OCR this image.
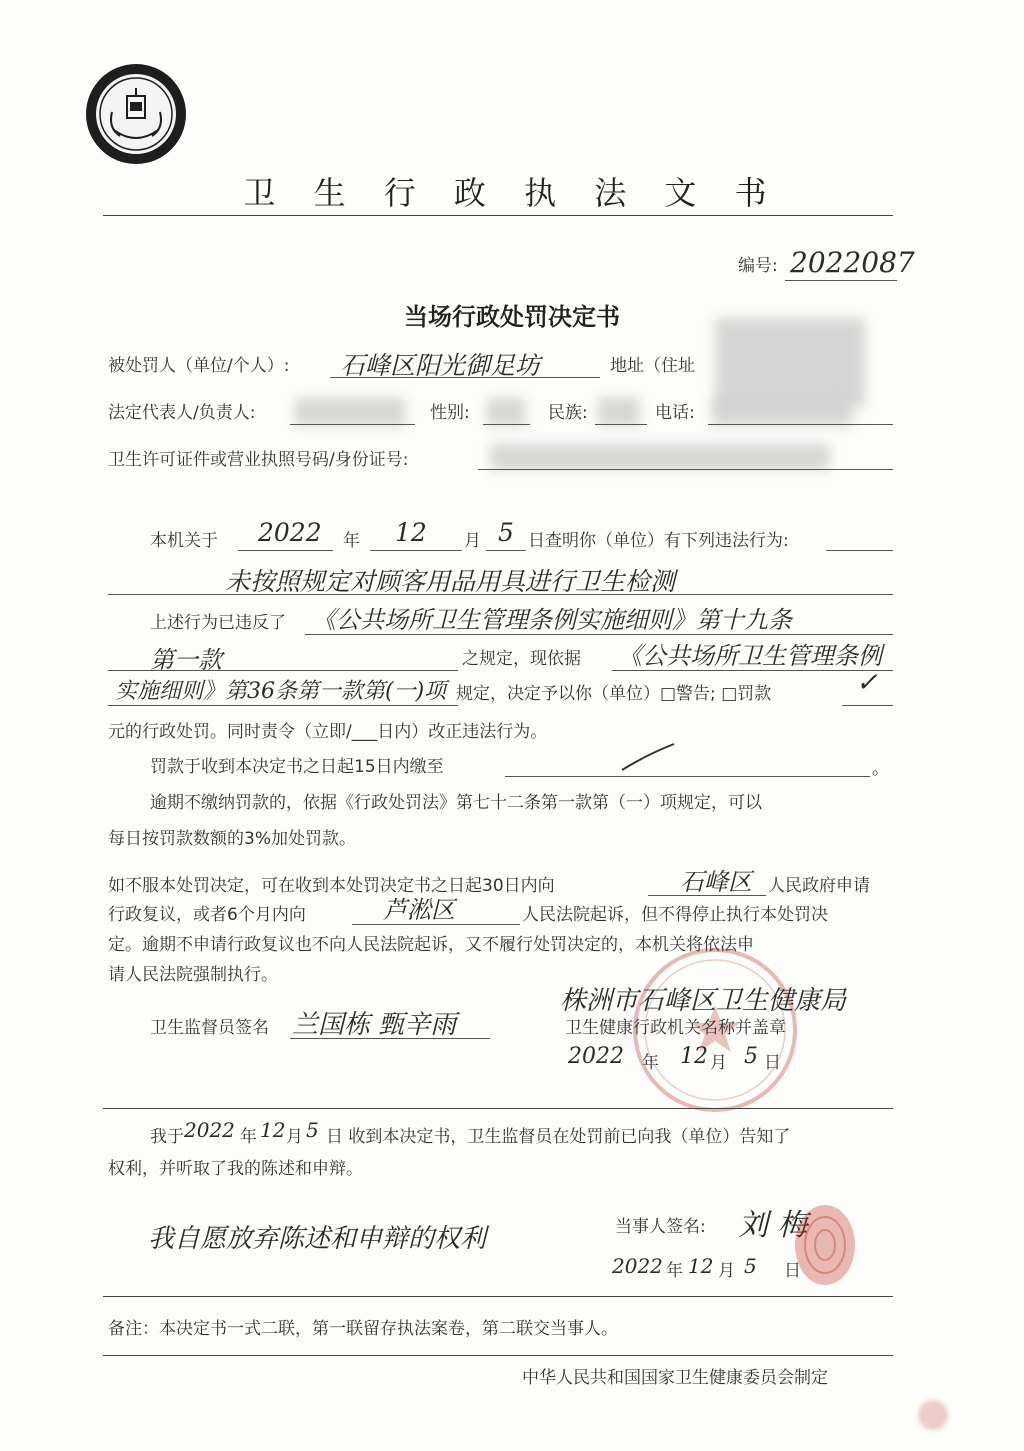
卫 生 行 政 执 法 文 书
编号: 2022087
当场行政处罚决定书
被处罚人（单位/个人）: 石峰区阳光御足坊	地址（住址
法定代表人/负责人:	性别:	民族:	电话:
卫生许可证件或营业执照号码/身份证号:
本机关于 2022 年 12 月 5 日查明你（单位）有下列违法行为:
未按照规定对顾客用品用具进行卫生检测
上述行为已违反了 《公共场所卫生管理条例实施细则》第十九条
第一款	之规定，现依据 《公共场所卫生管理条例
实施细则》第36条第一款第(一)项 规定，决定予以你（单位）□警告; □罚款	✓
元的行政处罚。同时责令（立即/___日内）改正违法行为。
罚款于收到本决定书之日起15日内缴至	。
逾期不缴纳罚款的，依据《行政处罚法》第七十二条第一款第（一）项规定，可以
每日按罚款数额的3%加处罚款。
如不服本处罚决定，可在收到本处罚决定书之日起30日内向	石峰区 人民政府申请
行政复议，或者6个月内向	芦淞区	人民法院起诉，但不得停止执行本处罚决
定。逾期不申请行政复议也不向人民法院起诉，又不履行处罚决定的，本机关将依法申
请人民法院强制执行。
卫生监督员签名 兰国栋 甄辛雨
株洲市石峰区卫生健康局
卫生健康行政机关名称并盖章
2022 年 12 月 5 日
我于 2022 年 12 月 5 日 收到本决定书，卫生监督员在处罚前已向我（单位）告知了
权利，并听取了我的陈述和申辩。
我自愿放弃陈述和申辩的权利	当事人签名: 刘 梅
2022 年 12 月 5 日
备注：本决定书一式二联，第一联留存执法案卷，第二联交当事人。
中华人民共和国国家卫生健康委员会制定
